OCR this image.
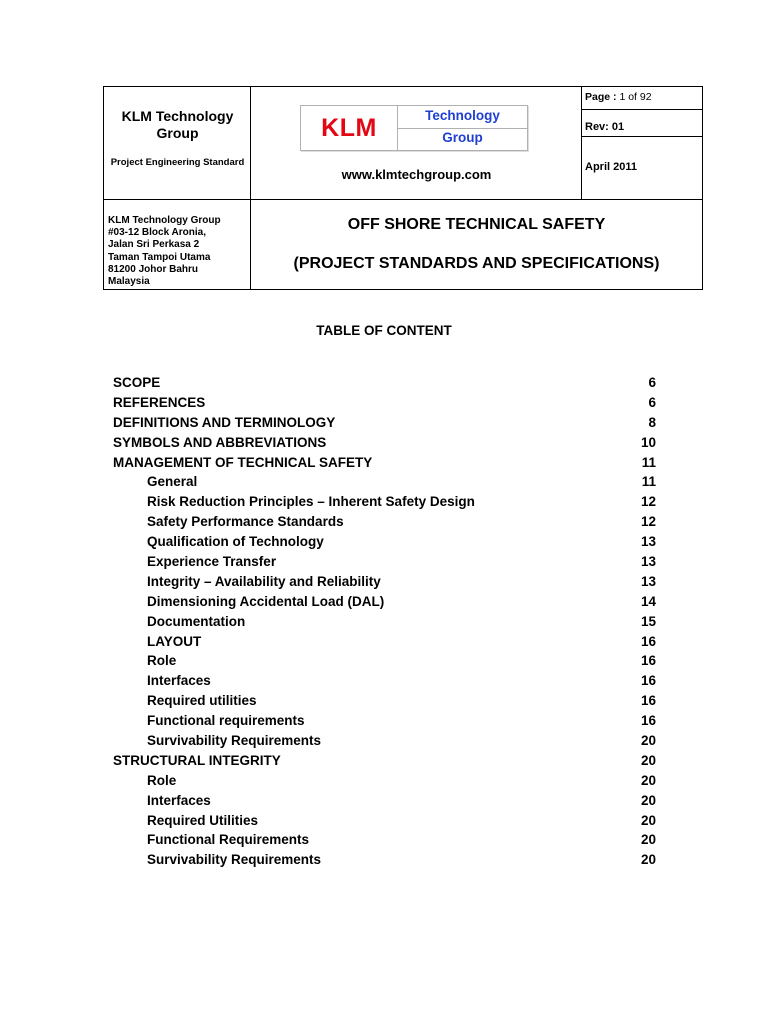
KLM Technology Group
Project Engineering Standard
KLM	Technology
Group
www.klmtechgroup.com
Page : 1 of 92
Rev: 01
April 2011
KLM Technology Group
#03-12 Block Aronia,
Jalan Sri Perkasa 2
Taman Tampoi Utama
81200 Johor Bahru
Malaysia
OFF SHORE TECHNICAL SAFETY
(PROJECT STANDARDS AND SPECIFICATIONS)
TABLE OF CONTENT
SCOPE	6
REFERENCES	6
DEFINITIONS AND TERMINOLOGY	8
SYMBOLS AND ABBREVIATIONS	10
MANAGEMENT OF TECHNICAL SAFETY	11
General	11
Risk Reduction Principles – Inherent Safety Design	12
Safety Performance Standards	12
Qualification of Technology	13
Experience Transfer	13
Integrity – Availability and Reliability	13
Dimensioning Accidental Load (DAL)	14
Documentation	15
LAYOUT	16
Role	16
Interfaces	16
Required utilities	16
Functional requirements	16
Survivability Requirements	20
STRUCTURAL INTEGRITY	20
Role	20
Interfaces	20
Required Utilities	20
Functional Requirements	20
Survivability Requirements	20
